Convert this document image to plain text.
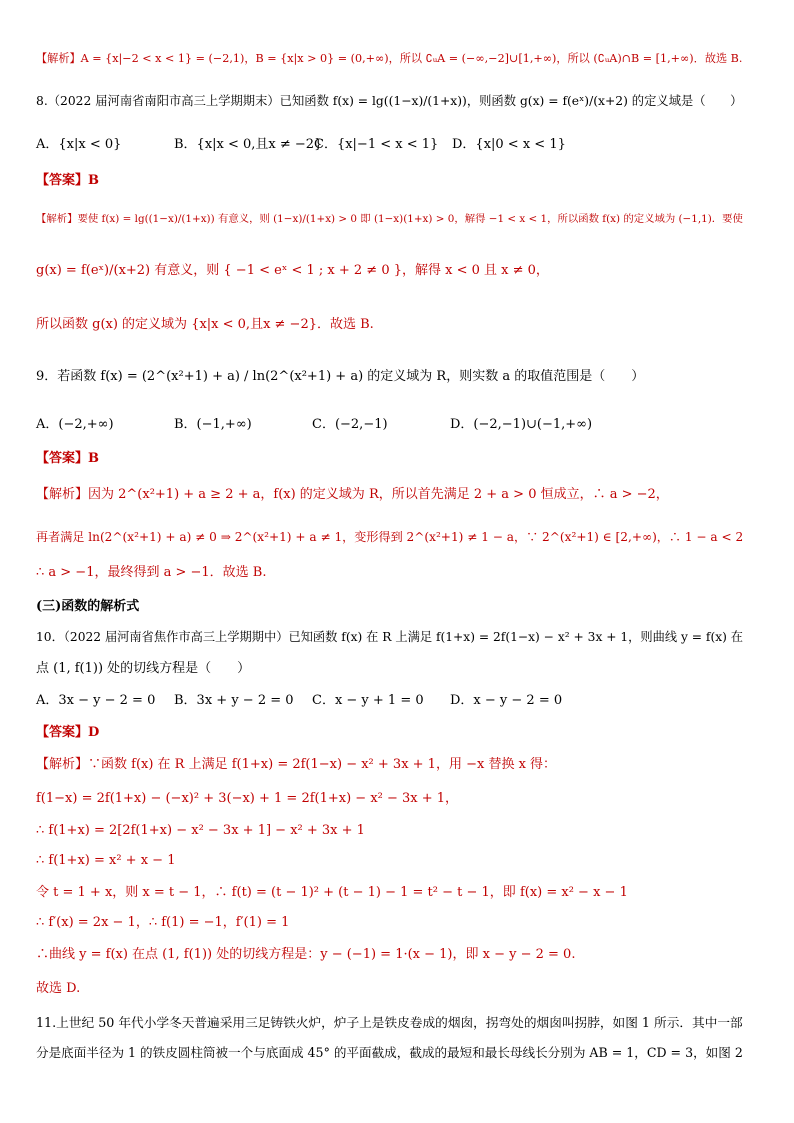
【解析】A = {x|−2 < x < 1} = (−2,1)，B = {x|x > 0} = (0,+∞)，所以 ∁ᵤA = (−∞,−2]∪[1,+∞)，所以 (∁ᵤA)∩B = [1,+∞)．故选 B.
8.（2022 届河南省南阳市高三上学期期末）已知函数 f(x) = lg((1−x)/(1+x))，则函数 g(x) = f(eˣ)/(x+2) 的定义域是（　　）
A．{x|x < 0}	B．{x|x < 0,且x ≠ −2}
C．{x|−1 < x < 1}	D．{x|0 < x < 1}
【答案】B
【解析】要使 f(x) = lg((1−x)/(1+x)) 有意义，则 (1−x)/(1+x) > 0 即 (1−x)(1+x) > 0，解得 −1 < x < 1，所以函数 f(x) 的定义域为 (−1,1)．要使
g(x) = f(eˣ)/(x+2) 有意义，则 { −1 < eˣ < 1 ; x + 2 ≠ 0 }，解得 x < 0 且 x ≠ 0，
所以函数 g(x) 的定义域为 {x|x < 0,且x ≠ −2}．故选 B.
9．若函数 f(x) = (2^(x²+1) + a) / ln(2^(x²+1) + a) 的定义域为 R，则实数 a 的取值范围是（　　）
A．(−2,+∞)	B．(−1,+∞)	C．(−2,−1)	D．(−2,−1)∪(−1,+∞)
【答案】B
【解析】因为 2^(x²+1) + a ≥ 2 + a，f(x) 的定义域为 R，所以首先满足 2 + a > 0 恒成立，∴ a > −2，
再者满足 ln(2^(x²+1) + a) ≠ 0 ⇒ 2^(x²+1) + a ≠ 1，变形得到 2^(x²+1) ≠ 1 − a，∵ 2^(x²+1) ∈ [2,+∞)，∴ 1 − a < 2
∴ a > −1，最终得到 a > −1．故选 B.
(三)函数的解析式
10．（2022 届河南省焦作市高三上学期期中）已知函数 f(x) 在 R 上满足 f(1+x) = 2f(1−x) − x² + 3x + 1，则曲线 y = f(x) 在
点 (1, f(1)) 处的切线方程是（　　）
A．3x − y − 2 = 0	B．3x + y − 2 = 0	C．x − y + 1 = 0	D．x − y − 2 = 0
【答案】D
【解析】∵函数 f(x) 在 R 上满足 f(1+x) = 2f(1−x) − x² + 3x + 1，用 −x 替换 x 得：
f(1−x) = 2f(1+x) − (−x)² + 3(−x) + 1 = 2f(1+x) − x² − 3x + 1，
∴ f(1+x) = 2[2f(1+x) − x² − 3x + 1] − x² + 3x + 1
∴ f(1+x) = x² + x − 1
令 t = 1 + x，则 x = t − 1，∴ f(t) = (t − 1)² + (t − 1) − 1 = t² − t − 1，即 f(x) = x² − x − 1
∴ f′(x) = 2x − 1，∴ f(1) = −1，f′(1) = 1
∴曲线 y = f(x) 在点 (1, f(1)) 处的切线方程是：y − (−1) = 1·(x − 1)，即 x − y − 2 = 0.
故选 D.
11.上世纪 50 年代小学冬天普遍采用三足铸铁火炉，炉子上是铁皮卷成的烟囱，拐弯处的烟囱叫拐脖，如图 1 所示．其中一部
分是底面半径为 1 的铁皮圆柱筒被一个与底面成 45° 的平面截成，截成的最短和最长母线长分别为 AB = 1，CD = 3，如图 2
